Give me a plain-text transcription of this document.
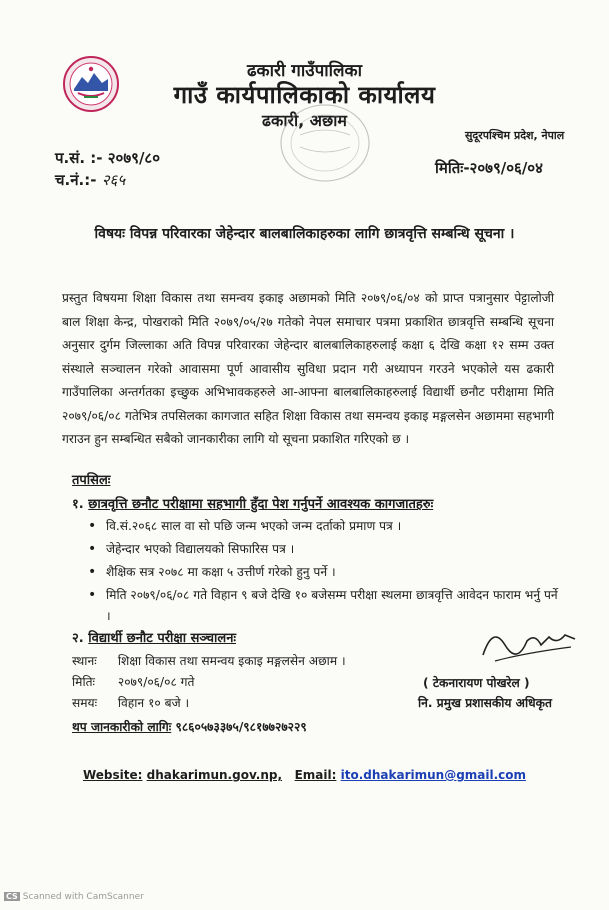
ढकारी गाउँपालिका
गाउँ कार्यपालिकाको कार्यालय
ढकारी, अछाम
सुदूरपश्चिम प्रदेश, नेपाल
प.सं. :- २०७९/८०
च.नं.:- २६५
मितिः-२०७९/०६/०४
विषयः विपन्न परिवारका जेहेन्दार बालबालिकाहरुका लागि छात्रवृत्ति सम्बन्धि सूचना ।
प्रस्तुत विषयमा शिक्षा विकास तथा समन्वय इकाइ अछामको मिति २०७९/०६/०४ को प्राप्त पत्रानुसार पेट्टालोजी बाल शिक्षा केन्द्र, पोखराको मिति २०७९/०५/२७ गतेको नेपल समाचार पत्रमा प्रकाशित छात्रवृत्ति सम्बन्धि सूचना अनुसार दुर्गम जिल्लाका अति विपन्न परिवारका जेहेन्दार बालबालिकाहरुलाई कक्षा ६ देखि कक्षा १२ सम्म उक्त संस्थाले सञ्चालन गरेको आवासमा पूर्ण आवासीय सुविधा प्रदान गरी अध्यापन गरउने भएकोले यस ढकारी गाउँपालिका अन्तर्गतका इच्छुक अभिभावकहरुले आ-आफ्ना बालबालिकाहरुलाई विद्यार्थी छनौट परीक्षामा मिति २०७९/०६/०८ गतेभित्र तपसिलका कागजात सहित शिक्षा विकास तथा समन्वय इकाइ मङ्गलसेन अछाममा सहभागी गराउन हुन सम्बन्धित सबैको जानकारीका लागि यो सूचना प्रकाशित गरिएको छ ।
तपसिलः
१. छात्रवृत्ति छनौट परीक्षामा सहभागी हुँदा पेश गर्नुपर्ने आवश्यक कागजातहरुः
• वि.सं.२०६८ साल वा सो पछि जन्म भएको जन्म दर्ताको प्रमाण पत्र ।
• जेहेन्दार भएको विद्यालयको सिफारिस पत्र ।
• शैक्षिक सत्र २०७८ मा कक्षा ५ उत्तीर्ण गरेको हुनु पर्ने ।
• मिति २०७९/०६/०८ गते विहान ९ बजे देखि १० बजेसम्म परीक्षा स्थलमा छात्रवृत्ति आवेदन फाराम भर्नु पर्ने ।
२. विद्यार्थी छनौट परीक्षा सञ्चालनः
स्थानः शिक्षा विकास तथा समन्वय इकाइ मङ्गलसेन अछाम ।
मितिः २०७९/०६/०८ गते
समयः विहान १० बजे ।
थप जानकारीको लागिः ९८६०५७३३७५/९८१७७२७२२९
( टेकनारायण पोखरेल )
नि. प्रमुख प्रशासकीय अधिकृत
Website: dhakarimun.gov.np, Email: ito.dhakarimun@gmail.com
CS Scanned with CamScanner
